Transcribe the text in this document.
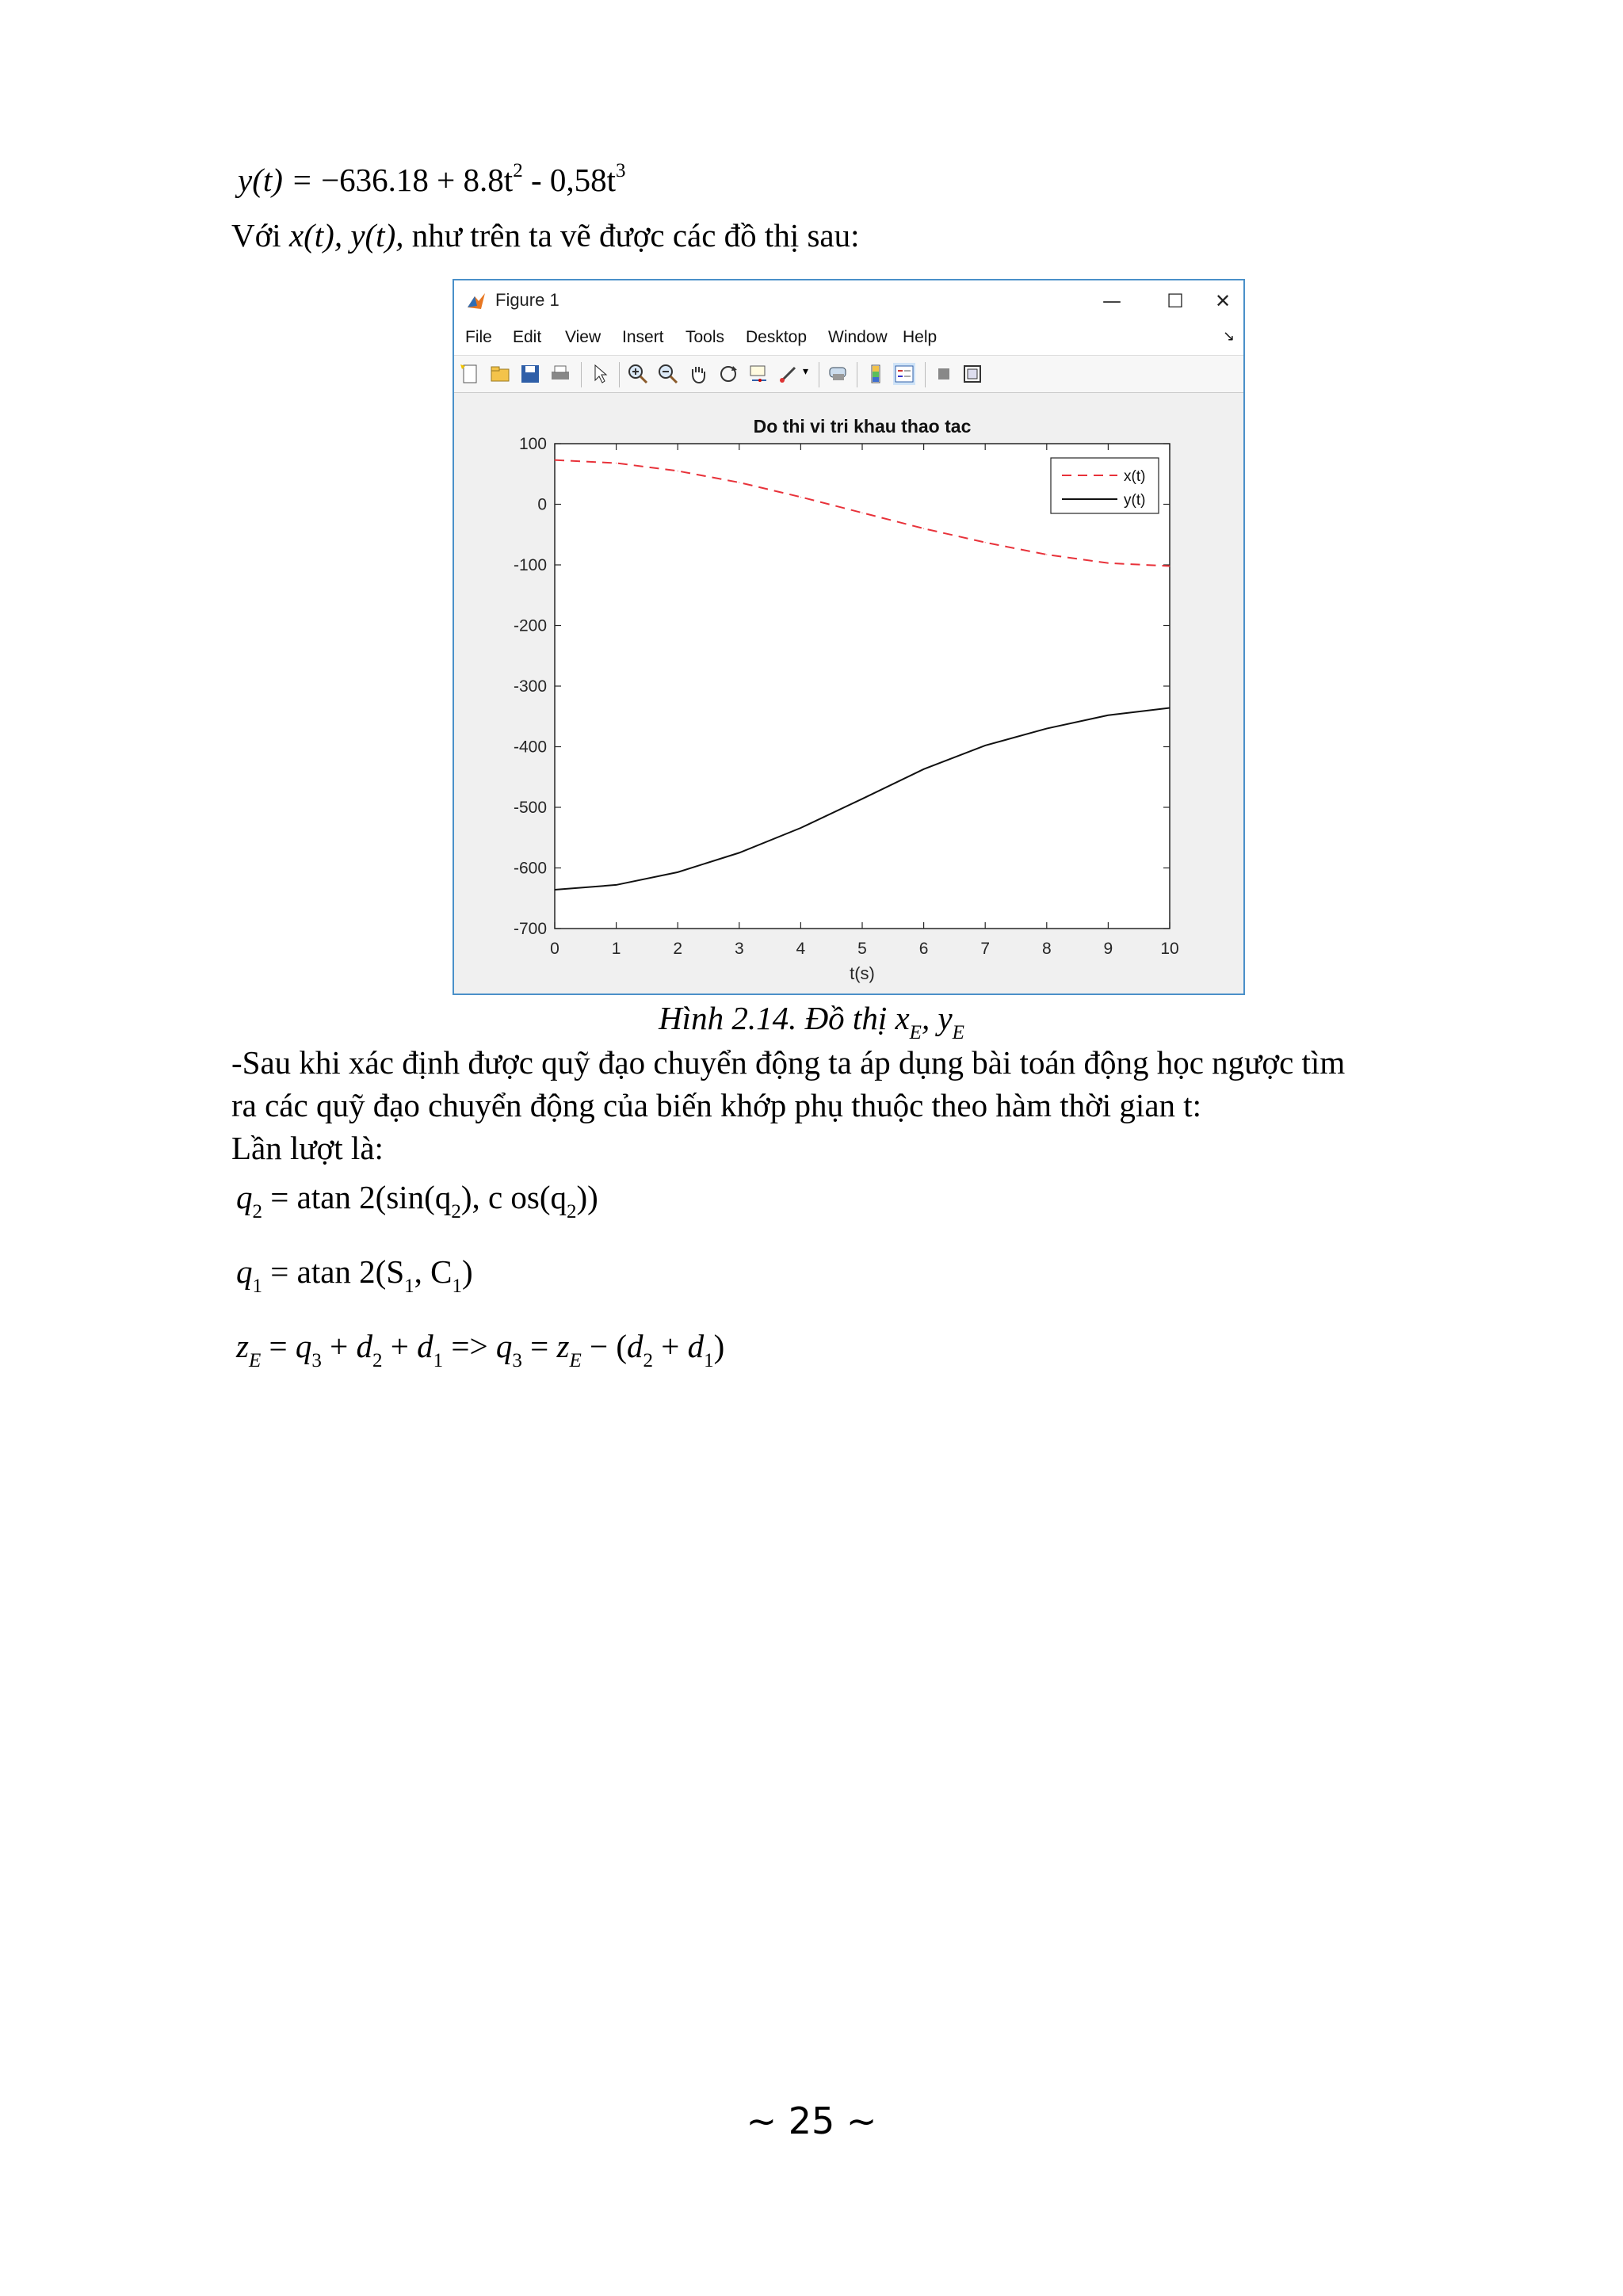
$y(t) = -636.18 + 8.8t^2 - 0,58t^3$
Với x(t), y(t), như trên ta vẽ được các đồ thị sau:
Figure 1	—	☐	✕
File Edit View Insert Tools Desktop Window Help	↘
▾
Do thi vi tri khau thao tac
0	1	2	3	4	5	6	7	8	9	10
100
0
-100
-200
-300
-400
-500
-600
-700
t(s)
x(t)
y(t)
Hình 2.14. Đồ thị $x_E$, $y_E$
-Sau khi xác định được quỹ đạo chuyển động ta áp dụng bài toán động học ngược tìm
ra các quỹ đạo chuyển động của biến khớp phụ thuộc theo hàm thời gian t:
Lần lượt là:
$q_2 = atan$ $2(\sin(q_2)$, c $os(q_2)$)
$q_1 = atan$ $2(S_1$, $C_1$)
$z_E = q_3 + d_2 + d_1 => q_3 = z_E - (d_2 + d_1)$
~ 25 ~
